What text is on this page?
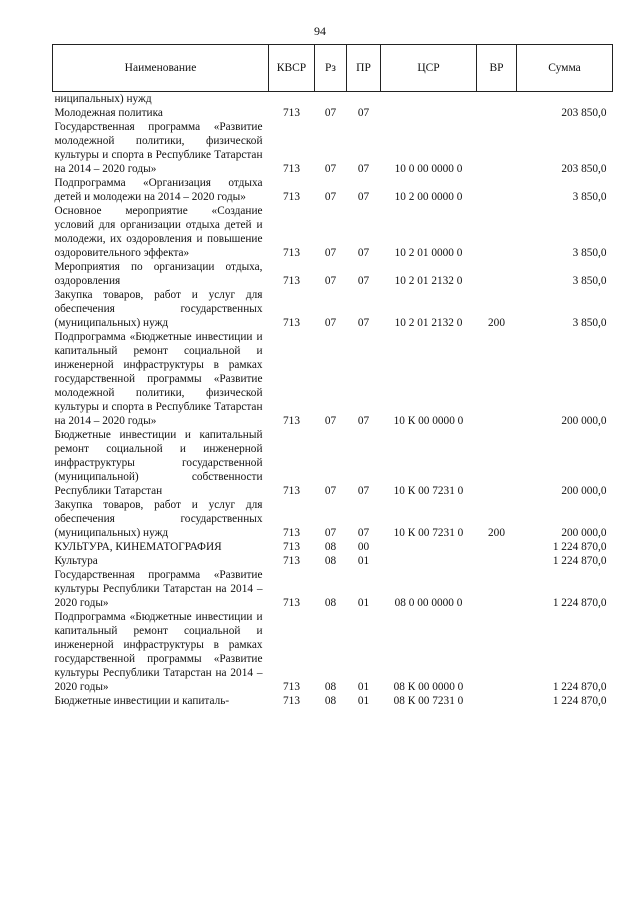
94
Наименование	КВСР	Рз	ПР	ЦСР	ВР	Сумма
ниципальных) нужд						
Молодежная политика	713	07	07			203 850,0
Государственная программа «Развитие молодежной политики, физической культуры и спорта в Республике Татарстан на 2014 – 2020 годы»	713	07	07	10 0 00 0000 0		203 850,0
Подпрограмма «Организация отдыха детей и молодежи на 2014 – 2020 годы»	713	07	07	10 2 00 0000 0		3 850,0
Основное мероприятие «Создание условий для организации отдыха детей и молодежи, их оздоровления и повышение оздоровительного эффекта»	713	07	07	10 2 01 0000 0		3 850,0
Мероприятия по организации отдыха, оздоровления	713	07	07	10 2 01 2132 0		3 850,0
Закупка товаров, работ и услуг для обеспечения государственных (муниципальных) нужд	713	07	07	10 2 01 2132 0	200	3 850,0
Подпрограмма «Бюджетные инвестиции и капитальный ремонт социальной и инженерной инфраструктуры в рамках государственной программы «Развитие молодежной политики, физической культуры и спорта в Республике Татарстан на 2014 – 2020 годы»	713	07	07	10 К 00 0000 0		200 000,0
Бюджетные инвестиции и капитальный ремонт социальной и инженерной инфраструктуры государственной (муниципальной) собственности Республики Татарстан	713	07	07	10 К 00 7231 0		200 000,0
Закупка товаров, работ и услуг для обеспечения государственных (муниципальных) нужд	713	07	07	10 К 00 7231 0	200	200 000,0
КУЛЬТУРА, КИНЕМАТОГРАФИЯ	713	08	00			1 224 870,0
Культура	713	08	01			1 224 870,0
Государственная программа «Развитие культуры Республики Татарстан на 2014 – 2020 годы»	713	08	01	08 0 00 0000 0		1 224 870,0
Подпрограмма «Бюджетные инвестиции и капитальный ремонт социальной и инженерной инфраструктуры в рамках государственной программы «Развитие культуры Республики Татарстан на 2014 – 2020 годы»	713	08	01	08 К 00 0000 0		1 224 870,0
Бюджетные инвестиции и капиталь-	713	08	01	08 К 00 7231 0		1 224 870,0
